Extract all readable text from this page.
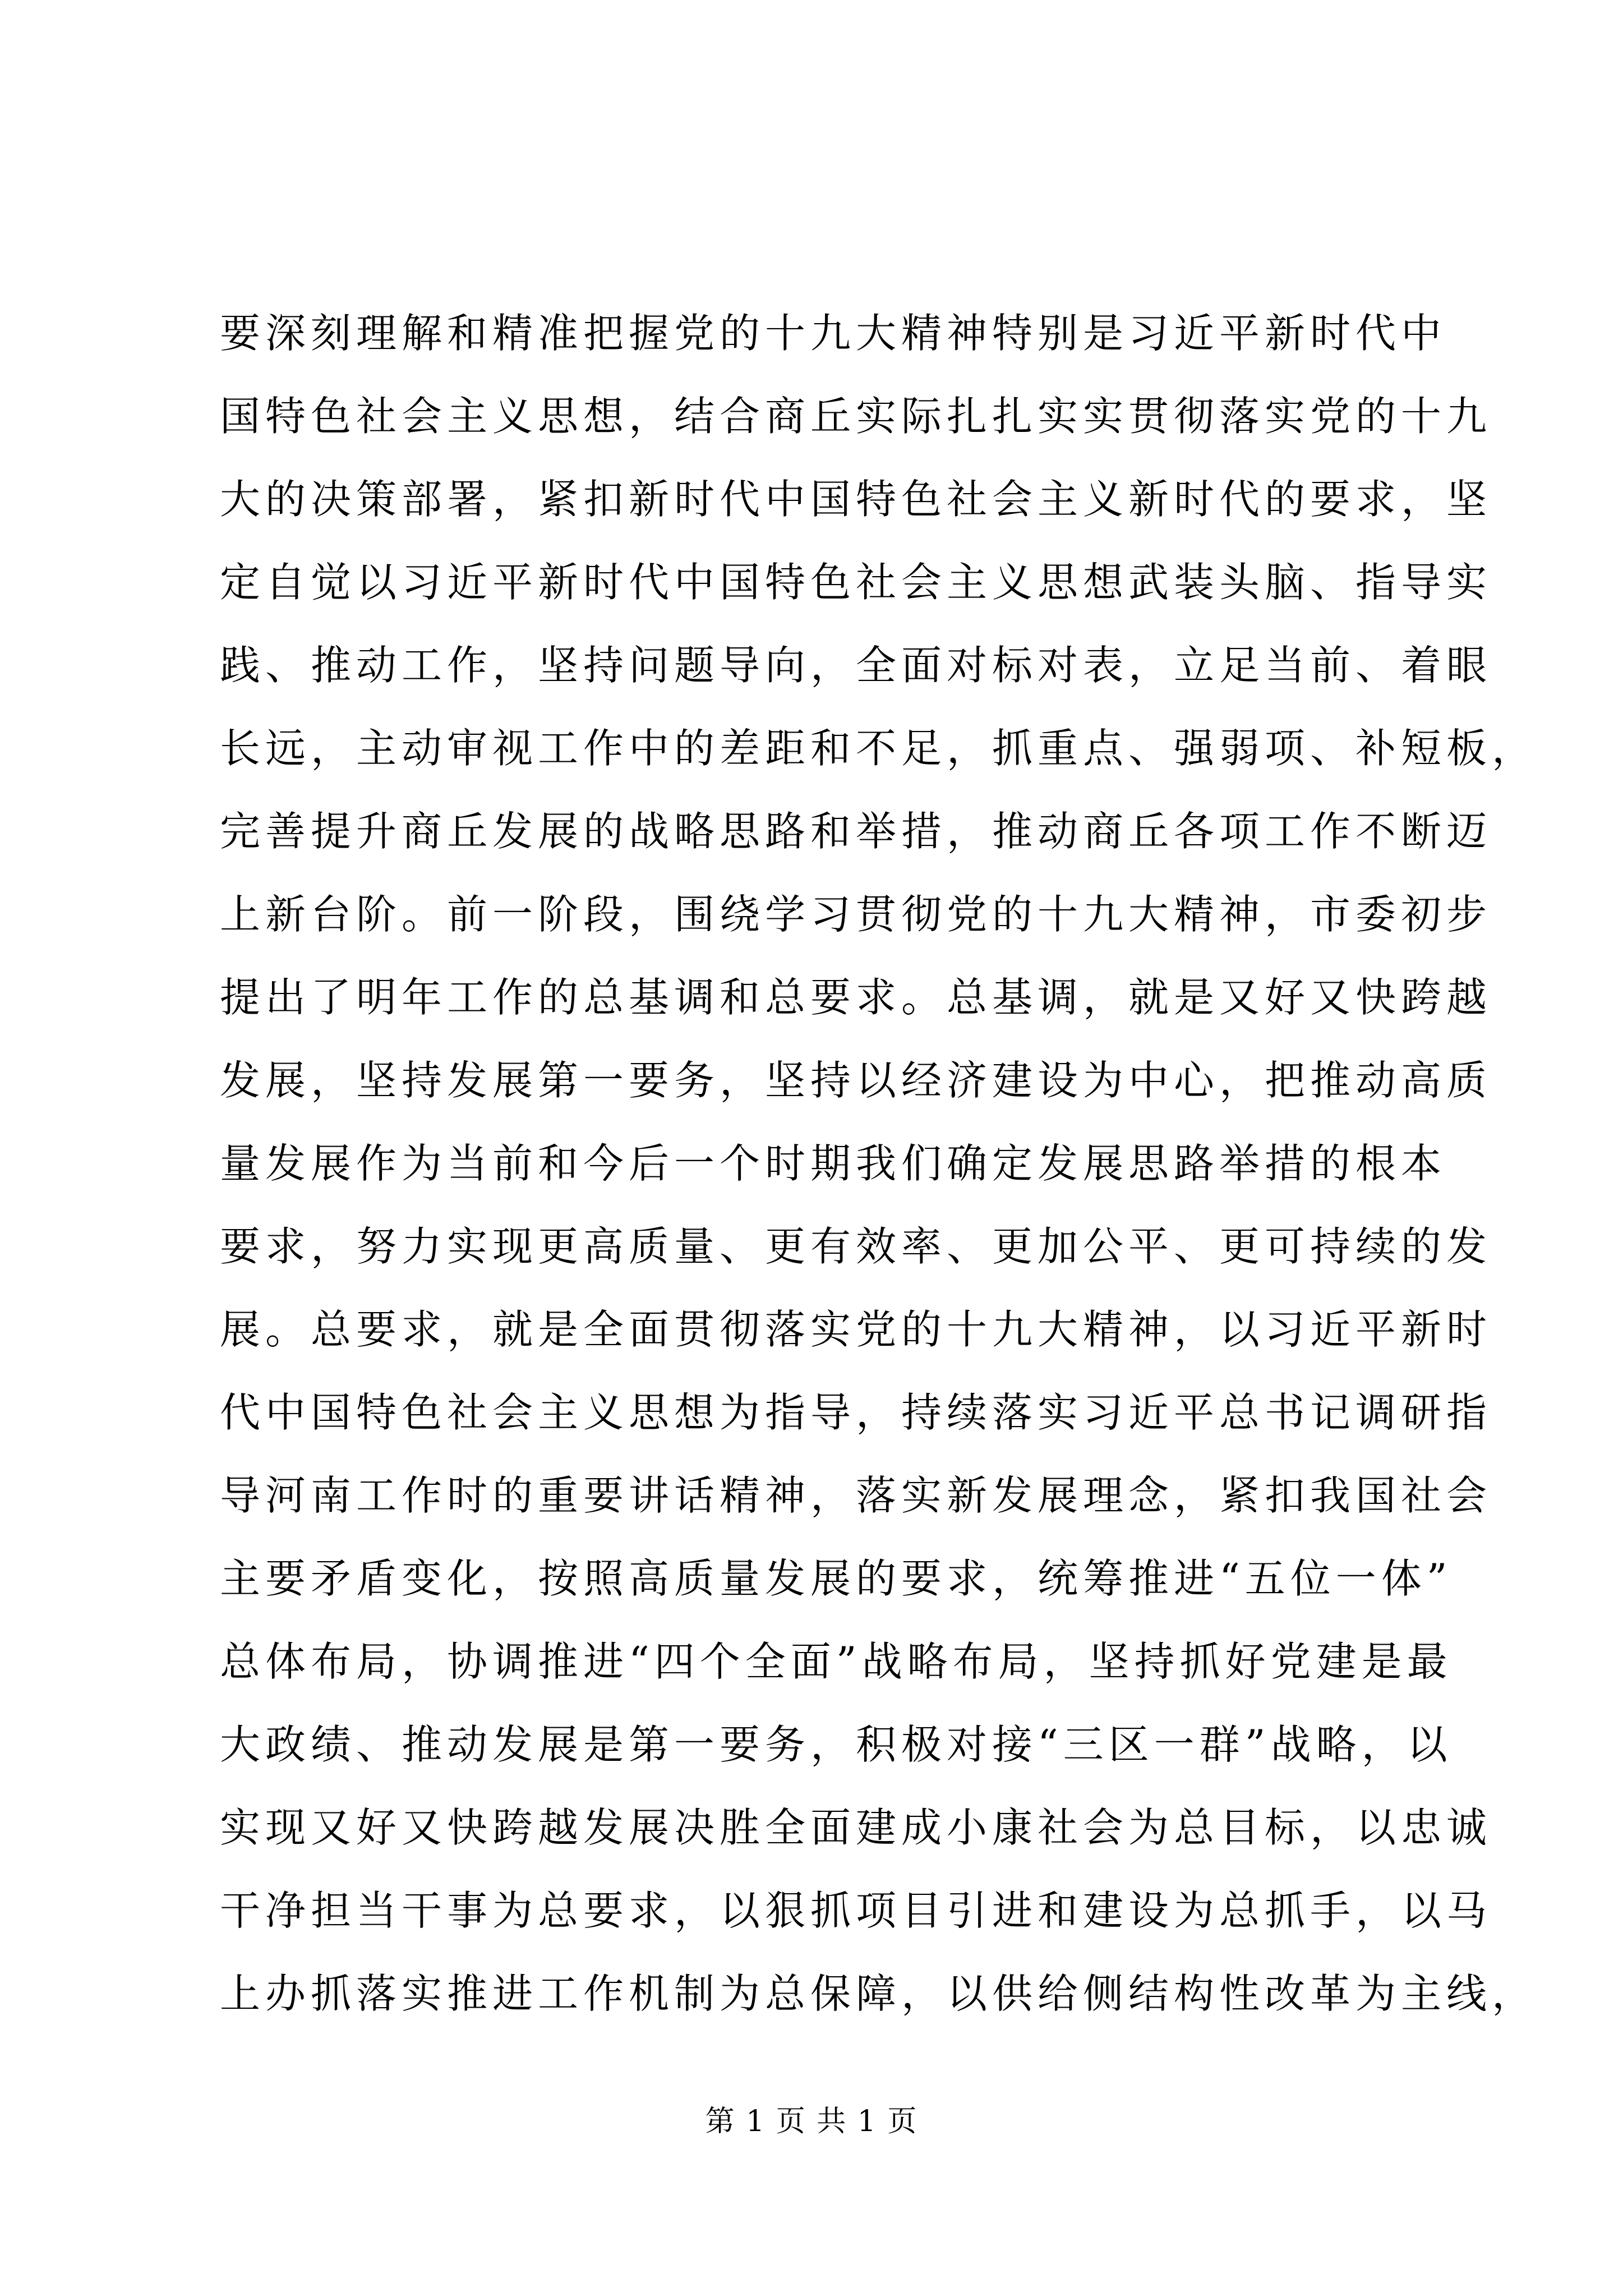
要深刻理解和精准把握党的十九大精神特别是习近平新时代中
国特色社会主义思想，结合商丘实际扎扎实实贯彻落实党的十九
大的决策部署，紧扣新时代中国特色社会主义新时代的要求，坚
定自觉以习近平新时代中国特色社会主义思想武装头脑、指导实
践、推动工作，坚持问题导向，全面对标对表，立足当前、着眼
长远，主动审视工作中的差距和不足，抓重点、强弱项、补短板，
完善提升商丘发展的战略思路和举措，推动商丘各项工作不断迈
上新台阶。前一阶段，围绕学习贯彻党的十九大精神，市委初步
提出了明年工作的总基调和总要求。总基调，就是又好又快跨越
发展，坚持发展第一要务，坚持以经济建设为中心，把推动高质
量发展作为当前和今后一个时期我们确定发展思路举措的根本
要求，努力实现更高质量、更有效率、更加公平、更可持续的发
展。总要求，就是全面贯彻落实党的十九大精神，以习近平新时
代中国特色社会主义思想为指导，持续落实习近平总书记调研指
导河南工作时的重要讲话精神，落实新发展理念，紧扣我国社会
主要矛盾变化，按照高质量发展的要求，统筹推进“五位一体”
总体布局，协调推进“四个全面”战略布局，坚持抓好党建是最
大政绩、推动发展是第一要务，积极对接“三区一群”战略，以
实现又好又快跨越发展决胜全面建成小康社会为总目标，以忠诚
干净担当干事为总要求，以狠抓项目引进和建设为总抓手，以马
上办抓落实推进工作机制为总保障，以供给侧结构性改革为主线，
第 1 页 共 1 页
